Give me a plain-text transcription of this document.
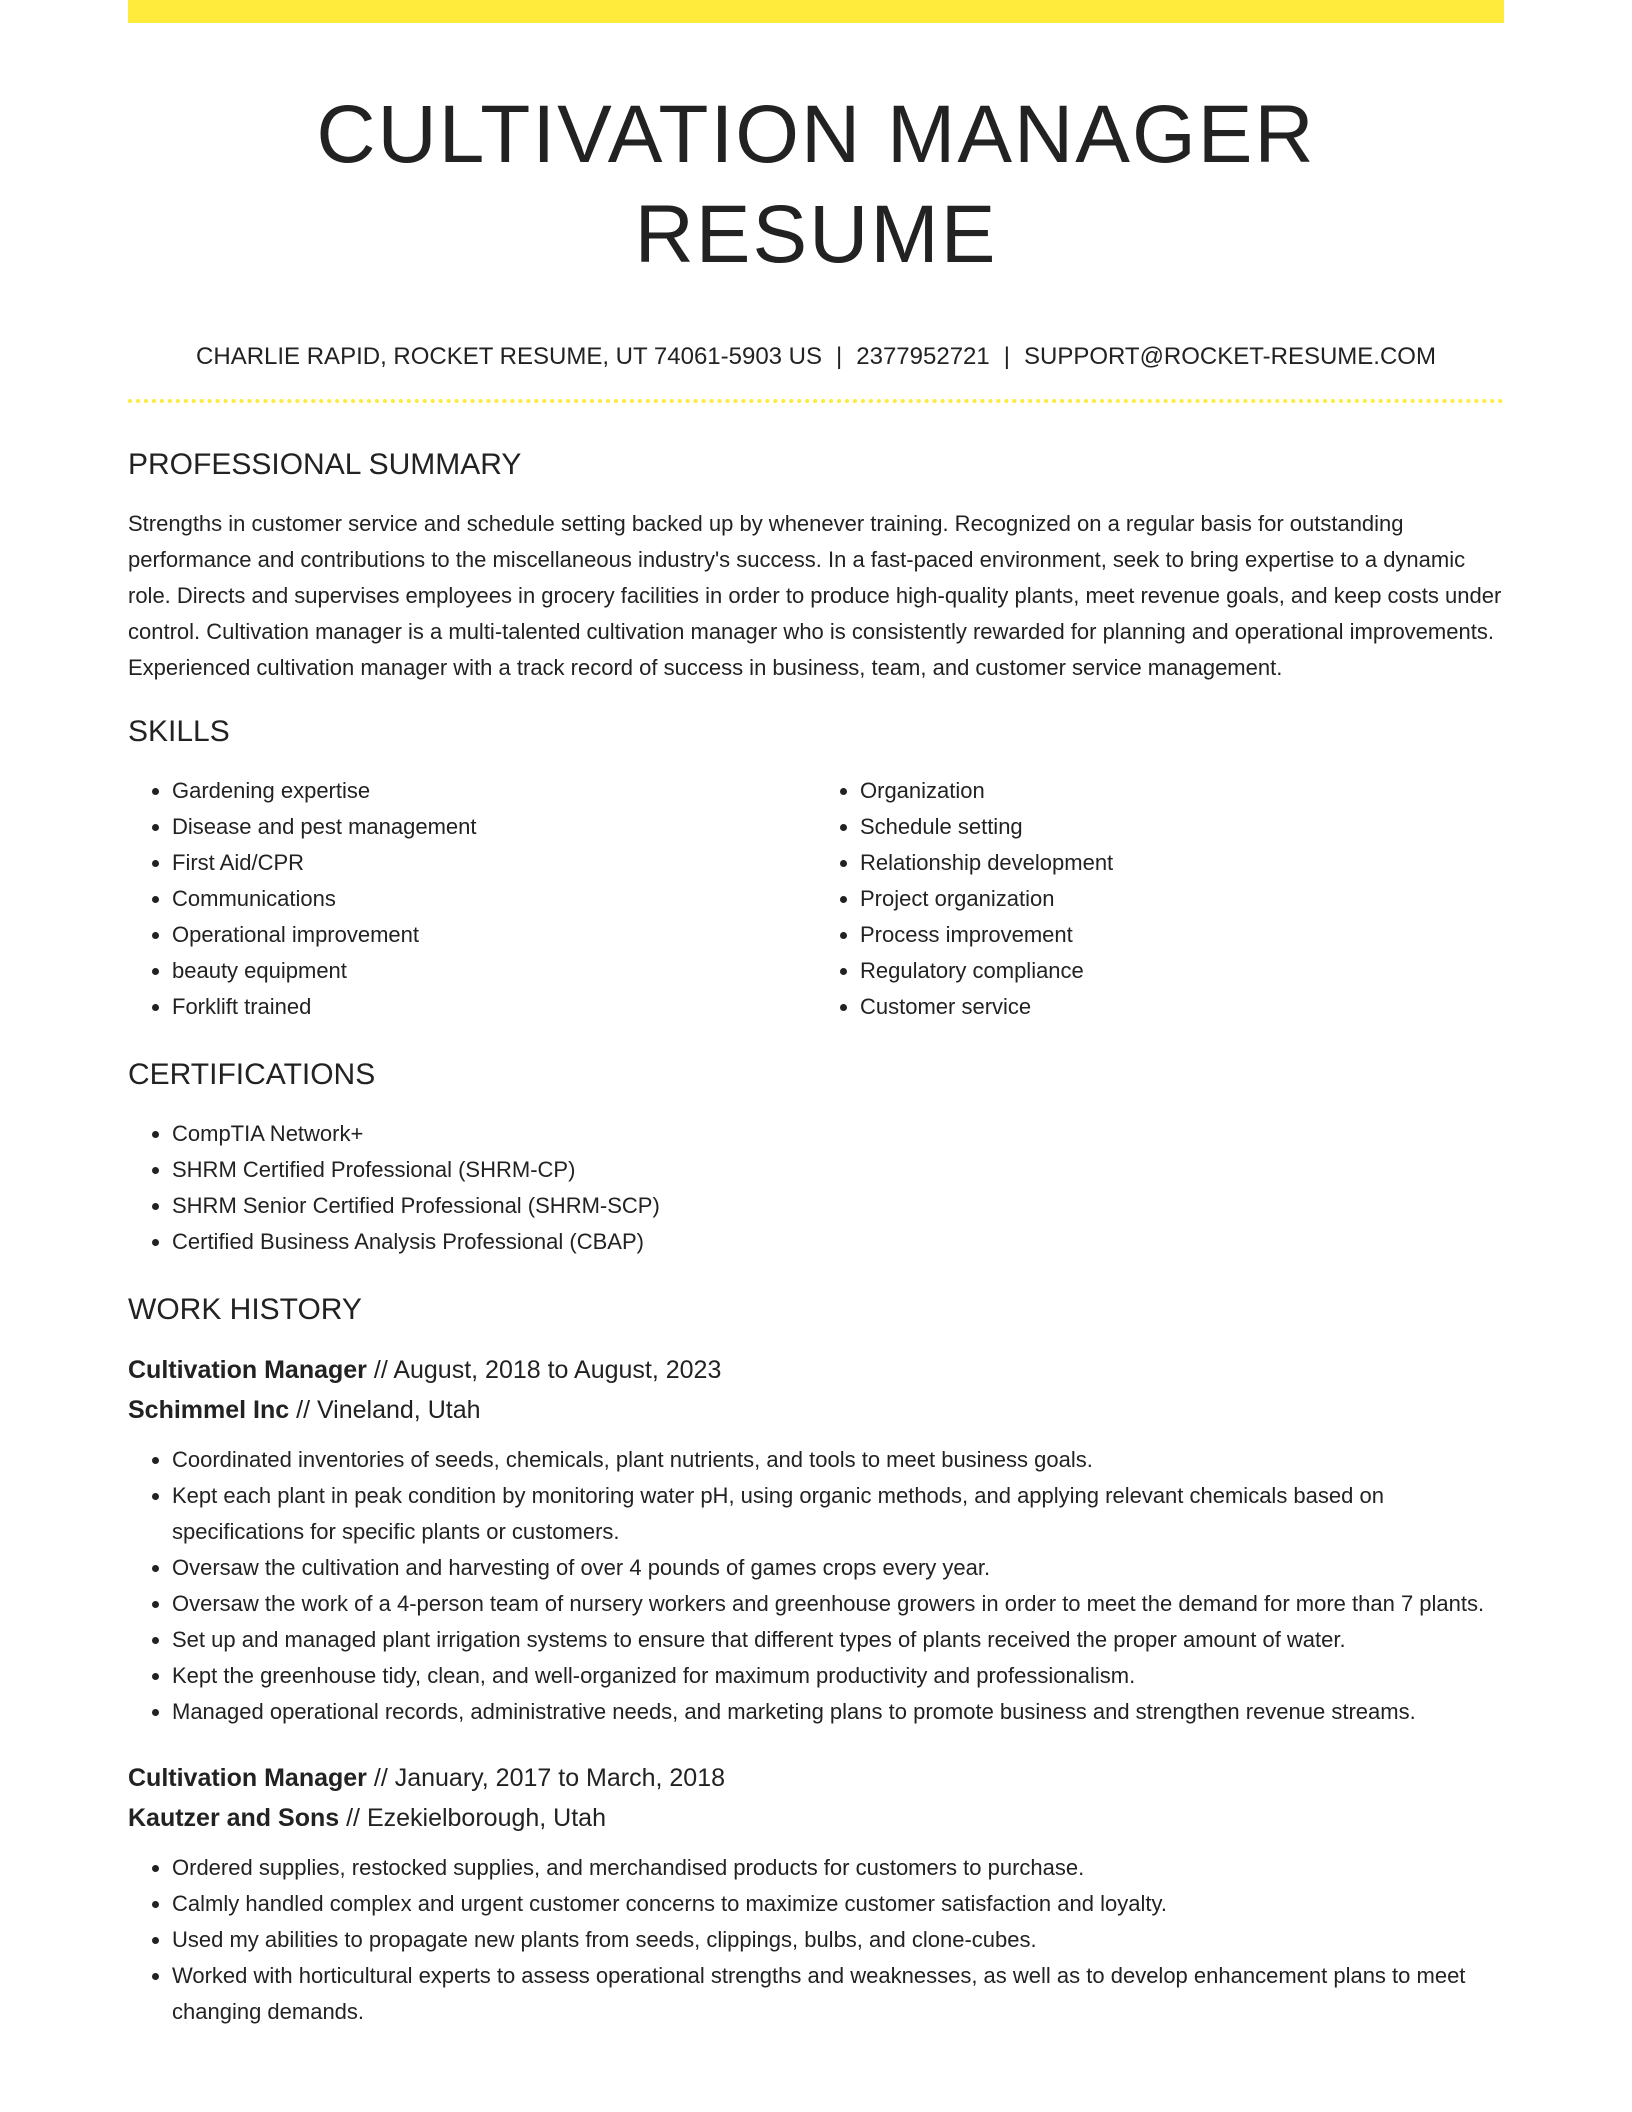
CULTIVATION MANAGER RESUME
CHARLIE RAPID, ROCKET RESUME, UT 74061-5903 US | 2377952721 | SUPPORT@ROCKET-RESUME.COM
PROFESSIONAL SUMMARY
Strengths in customer service and schedule setting backed up by whenever training. Recognized on a regular basis for outstanding performance and contributions to the miscellaneous industry's success. In a fast-paced environment, seek to bring expertise to a dynamic role. Directs and supervises employees in grocery facilities in order to produce high-quality plants, meet revenue goals, and keep costs under control. Cultivation manager is a multi-talented cultivation manager who is consistently rewarded for planning and operational improvements. Experienced cultivation manager with a track record of success in business, team, and customer service management.
SKILLS
• Gardening expertise
• Disease and pest management
• First Aid/CPR
• Communications
• Operational improvement
• beauty equipment
• Forklift trained
• Organization
• Schedule setting
• Relationship development
• Project organization
• Process improvement
• Regulatory compliance
• Customer service
CERTIFICATIONS
• CompTIA Network+
• SHRM Certified Professional (SHRM-CP)
• SHRM Senior Certified Professional (SHRM-SCP)
• Certified Business Analysis Professional (CBAP)
WORK HISTORY
Cultivation Manager // August, 2018 to August, 2023
Schimmel Inc // Vineland, Utah
• Coordinated inventories of seeds, chemicals, plant nutrients, and tools to meet business goals.
• Kept each plant in peak condition by monitoring water pH, using organic methods, and applying relevant chemicals based on specifications for specific plants or customers.
• Oversaw the cultivation and harvesting of over 4 pounds of games crops every year.
• Oversaw the work of a 4-person team of nursery workers and greenhouse growers in order to meet the demand for more than 7 plants.
• Set up and managed plant irrigation systems to ensure that different types of plants received the proper amount of water.
• Kept the greenhouse tidy, clean, and well-organized for maximum productivity and professionalism.
• Managed operational records, administrative needs, and marketing plans to promote business and strengthen revenue streams.
Cultivation Manager // January, 2017 to March, 2018
Kautzer and Sons // Ezekielborough, Utah
• Ordered supplies, restocked supplies, and merchandised products for customers to purchase.
• Calmly handled complex and urgent customer concerns to maximize customer satisfaction and loyalty.
• Used my abilities to propagate new plants from seeds, clippings, bulbs, and clone-cubes.
• Worked with horticultural experts to assess operational strengths and weaknesses, as well as to develop enhancement plans to meet changing demands.
